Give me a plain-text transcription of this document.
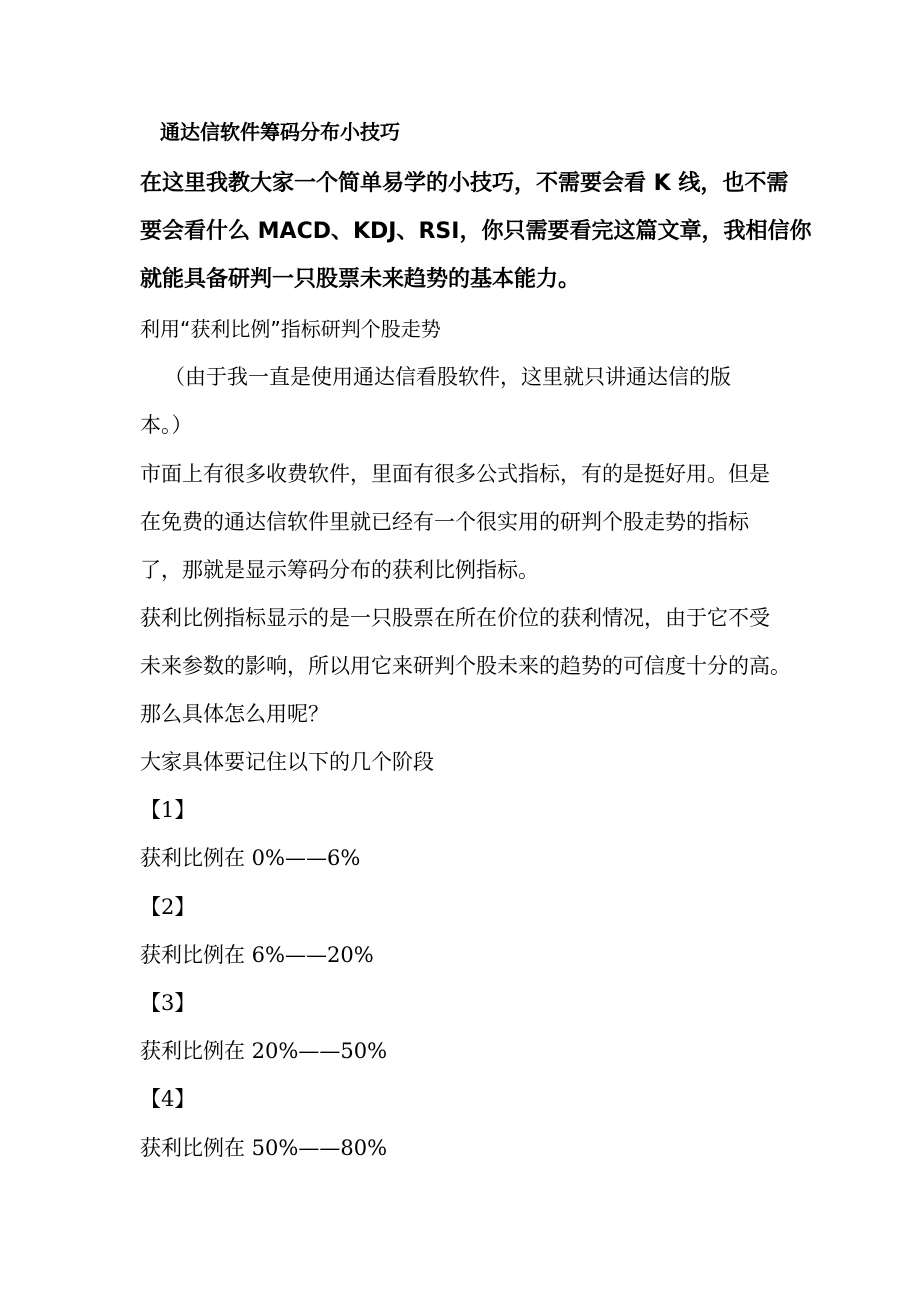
通达信软件筹码分布小技巧
在这里我教大家一个简单易学的小技巧，不需要会看 K 线，也不需
要会看什么 MACD、KDJ、RSI，你只需要看完这篇文章，我相信你
就能具备研判一只股票未来趋势的基本能力。
利用“获利比例”指标研判个股走势
（由于我一直是使用通达信看股软件，这里就只讲通达信的版
本。）
市面上有很多收费软件，里面有很多公式指标，有的是挺好用。但是
在免费的通达信软件里就已经有一个很实用的研判个股走势的指标
了，那就是显示筹码分布的获利比例指标。
获利比例指标显示的是一只股票在所在价位的获利情况，由于它不受
未来参数的影响，所以用它来研判个股未来的趋势的可信度十分的高。
那么具体怎么用呢？
大家具体要记住以下的几个阶段
【1】
获利比例在 0%——6%
【2】
获利比例在 6%——20%
【3】
获利比例在 20%——50%
【4】
获利比例在 50%——80%
